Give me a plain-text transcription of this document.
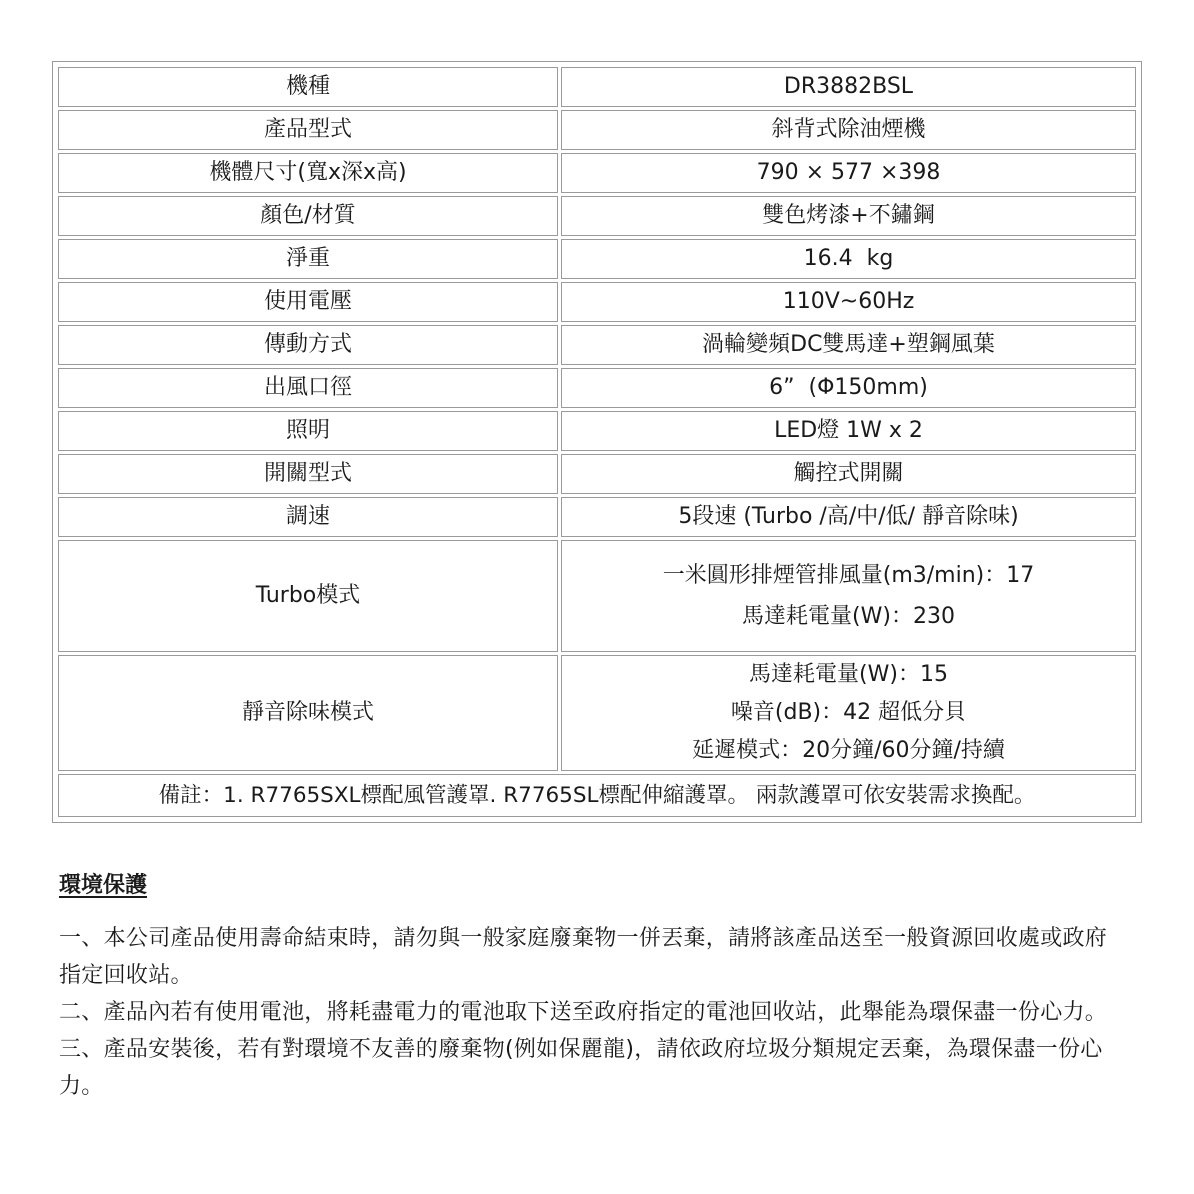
機種	DR3882BSL
產品型式	斜背式除油煙機
機體尺寸(寬x深x高)	790 × 577 ×398
顏色/材質	雙色烤漆+不鏽鋼
淨重	16.4  kg
使用電壓	110V~60Hz
傳動方式	渦輪變頻DC雙馬達+塑鋼風葉
出風口徑	6”  (Φ150mm)
照明	LED燈 1W x 2
開關型式	觸控式開關
調速	5段速 (Turbo /高/中/低/ 靜音除味)
Turbo模式	一米圓形排煙管排風量(m3/min)：17
馬達耗電量(W)：230

靜音除味模式	馬達耗電量(W)：15
噪音(dB)：42 超低分貝
延遲模式：20分鐘/60分鐘/持續

備註：1. R7765SXL標配風管護罩. R7765SL標配伸縮護罩。 兩款護罩可依安裝需求換配。	

環境保護

一、本公司產品使用壽命結束時，請勿與一般家庭廢棄物一併丟棄，請將該產品送至一般資源回收處或政府指定回收站。

二、產品內若有使用電池，將耗盡電力的電池取下送至政府指定的電池回收站，此舉能為環保盡一份心力。

三、產品安裝後，若有對環境不友善的廢棄物(例如保麗龍)，請依政府垃圾分類規定丟棄，為環保盡一份心力。
